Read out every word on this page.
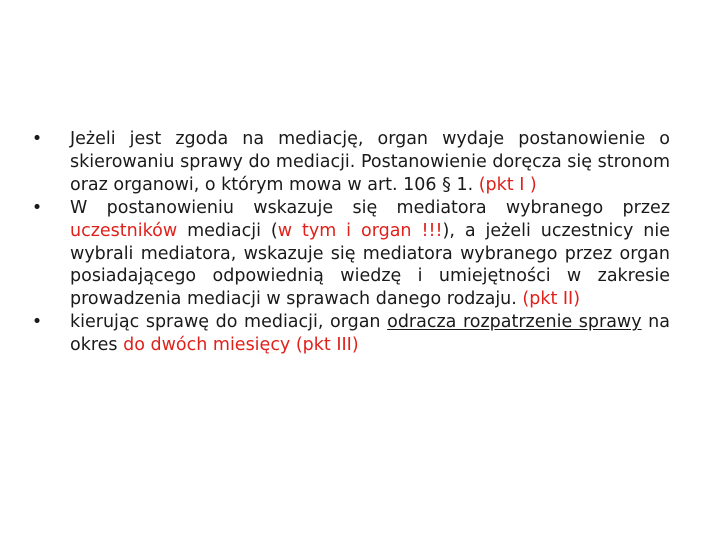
• Jeżeli jest zgoda na mediację, organ wydaje postanowienie o skierowaniu sprawy do mediacji. Postanowienie doręcza się stronom oraz organowi, o którym mowa w art. 106 § 1. (pkt I )
• W postanowieniu wskazuje się mediatora wybranego przez uczestników mediacji (w tym i organ !!!), a jeżeli uczestnicy nie wybrali mediatora, wskazuje się mediatora wybranego przez organ posiadającego odpowiednią wiedzę i umiejętności w zakresie prowadzenia mediacji w sprawach danego rodzaju. (pkt II)
• kierując sprawę do mediacji, organ odracza rozpatrzenie sprawy na okres do dwóch miesięcy (pkt III)
